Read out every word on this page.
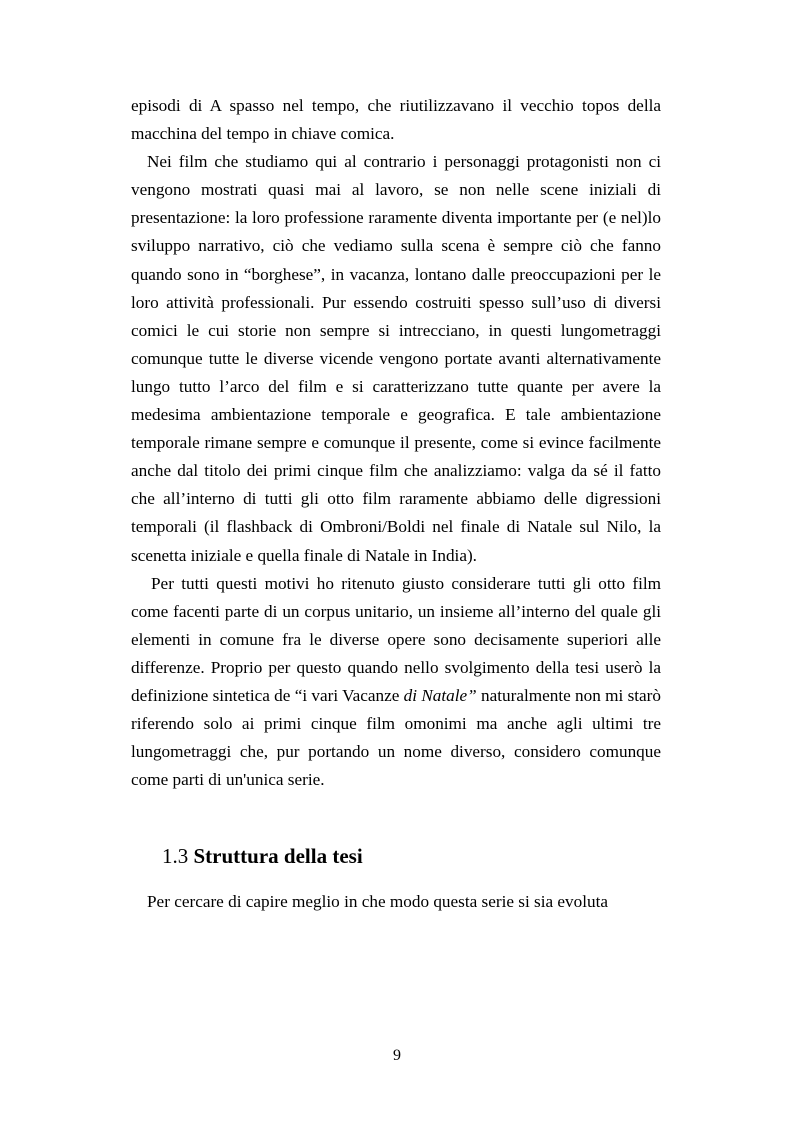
episodi di A spasso nel tempo, che riutilizzavano il vecchio topos della macchina del tempo in chiave comica.

Nei film che studiamo qui al contrario i personaggi protagonisti non ci vengono mostrati quasi mai al lavoro, se non nelle scene iniziali di presentazione: la loro professione raramente diventa importante per (e nel)lo sviluppo narrativo, ciò che vediamo sulla scena è sempre ciò che fanno quando sono in “borghese”, in vacanza, lontano dalle preoccupazioni per le loro attività professionali. Pur essendo costruiti spesso sull’uso di diversi comici le cui storie non sempre si intrecciano, in questi lungometraggi comunque tutte le diverse vicende vengono portate avanti alternativamente lungo tutto l’arco del film e si caratterizzano tutte quante per avere la medesima ambientazione temporale e geografica. E tale ambientazione temporale rimane sempre e comunque il presente, come si evince facilmente anche dal titolo dei primi cinque film che analizziamo: valga da sé il fatto che all’interno di tutti gli otto film raramente abbiamo delle digressioni temporali (il flashback di Ombroni/Boldi nel finale di Natale sul Nilo, la scenetta iniziale e quella finale di Natale in India).

Per tutti questi motivi ho ritenuto giusto considerare tutti gli otto film come facenti parte di un corpus unitario, un insieme all’interno del quale gli elementi in comune fra le diverse opere sono decisamente superiori alle differenze. Proprio per questo quando nello svolgimento della tesi userò la definizione sintetica de “i vari Vacanze di Natale” naturalmente non mi starò riferendo solo ai primi cinque film omonimi ma anche agli ultimi tre lungometraggi che, pur portando un nome diverso, considero comunque come parti di un'unica serie.

1.3 Struttura della tesi

Per cercare di capire meglio in che modo questa serie si sia evoluta

9
